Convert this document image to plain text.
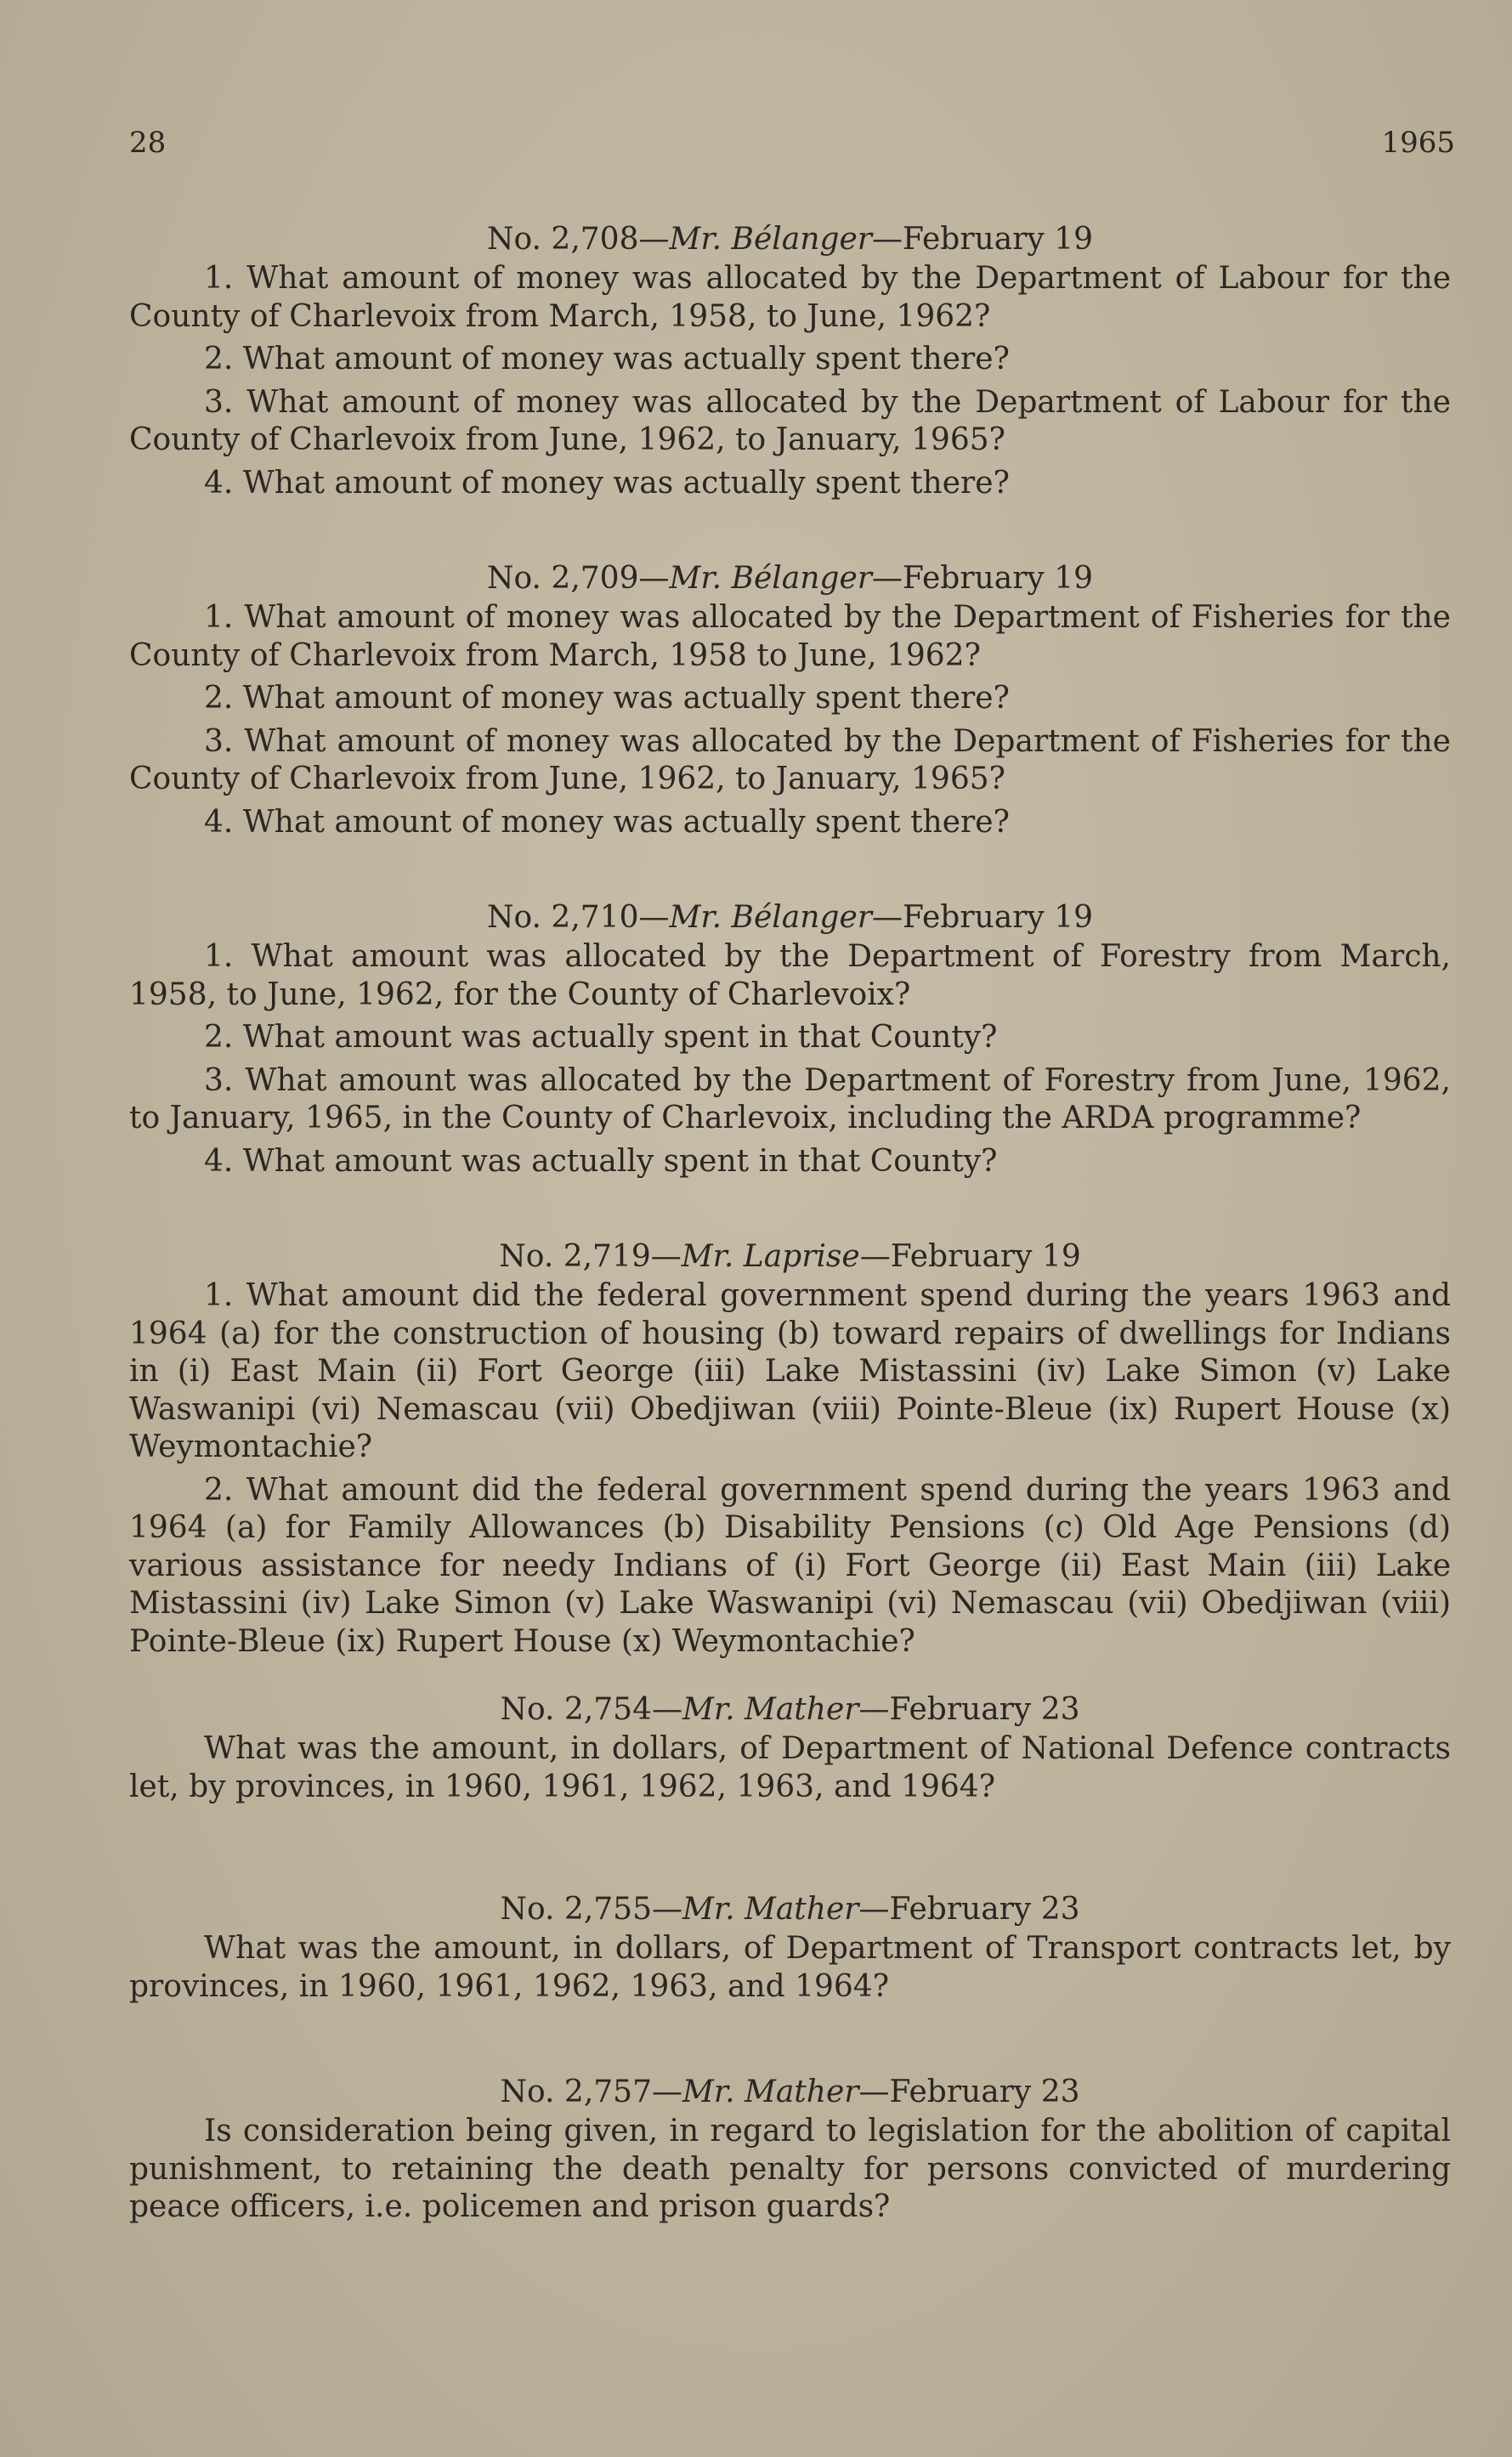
28	1965
No. 2,708—Mr. Bélanger—February 19

1. What amount of money was allocated by the Department of Labour for the County of Charlevoix from March, 1958, to June, 1962?

2. What amount of money was actually spent there?

3. What amount of money was allocated by the Department of Labour for the County of Charlevoix from June, 1962, to January, 1965?

4. What amount of money was actually spent there?

No. 2,709—Mr. Bélanger—February 19

1. What amount of money was allocated by the Department of Fisheries for the County of Charlevoix from March, 1958 to June, 1962?

2. What amount of money was actually spent there?

3. What amount of money was allocated by the Department of Fisheries for the County of Charlevoix from June, 1962, to January, 1965?

4. What amount of money was actually spent there?

No. 2,710—Mr. Bélanger—February 19

1. What amount was allocated by the Department of Forestry from March, 1958, to June, 1962, for the County of Charlevoix?

2. What amount was actually spent in that County?

3. What amount was allocated by the Department of Forestry from June, 1962, to January, 1965, in the County of Charlevoix, including the ARDA programme?

4. What amount was actually spent in that County?

No. 2,719—Mr. Laprise—February 19

1. What amount did the federal government spend during the years 1963 and 1964 (a) for the construction of housing (b) toward repairs of dwellings for Indians in (i) East Main (ii) Fort George (iii) Lake Mistassini (iv) Lake Simon (v) Lake Waswanipi (vi) Nemascau (vii) Obedjiwan (viii) Pointe-Bleue (ix) Rupert House (x) Weymontachie?

2. What amount did the federal government spend during the years 1963 and 1964 (a) for Family Allowances (b) Disability Pensions (c) Old Age Pensions (d) various assistance for needy Indians of (i) Fort George (ii) East Main (iii) Lake Mistassini (iv) Lake Simon (v) Lake Waswanipi (vi) Nemascau (vii) Obedjiwan (viii) Pointe-Bleue (ix) Rupert House (x) Weymontachie?

No. 2,754—Mr. Mather—February 23

What was the amount, in dollars, of Department of National Defence contracts let, by provinces, in 1960, 1961, 1962, 1963, and 1964?

No. 2,755—Mr. Mather—February 23

What was the amount, in dollars, of Department of Transport contracts let, by provinces, in 1960, 1961, 1962, 1963, and 1964?

No. 2,757—Mr. Mather—February 23

Is consideration being given, in regard to legislation for the abolition of capital punishment, to retaining the death penalty for persons convicted of murdering peace officers, i.e. policemen and prison guards?
